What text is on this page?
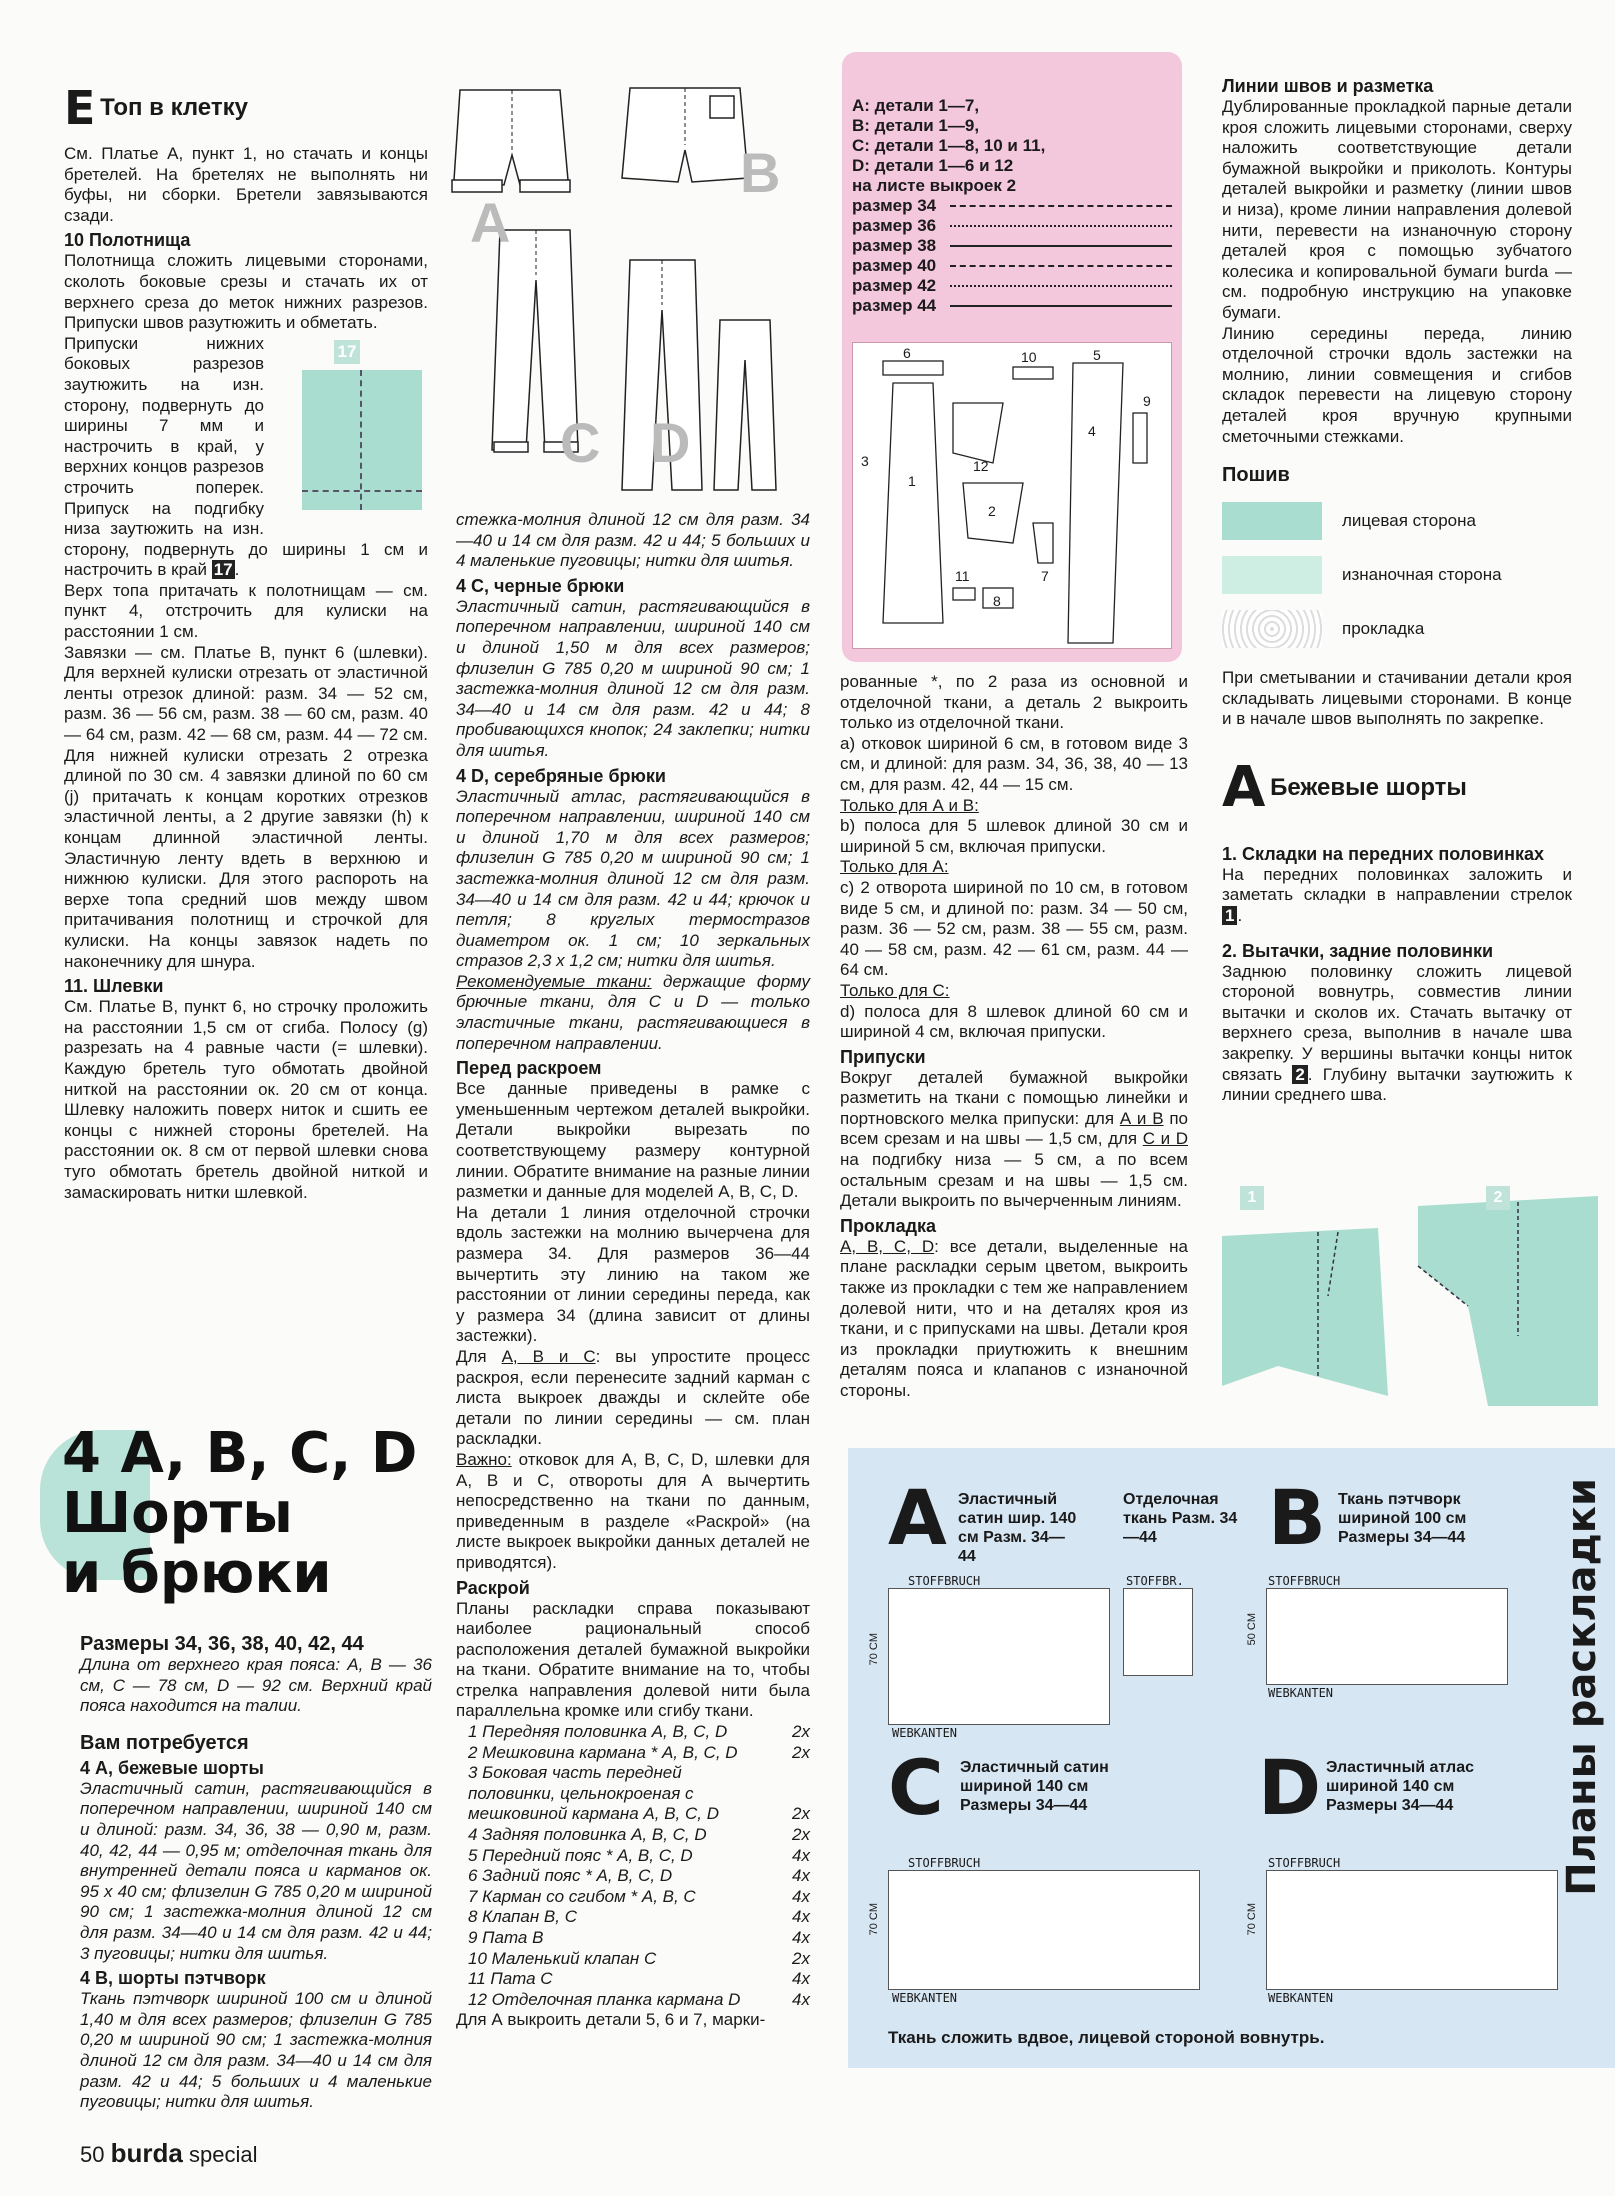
E Топ в клетку

См. Платье А, пункт 1, но стачать и концы бретелей. На бретелях не выполнять ни буфы, ни сборки. Бретели завязываются сзади.

10 Полотнища

Полотнища сложить лицевыми сторонами, сколоть боковые срезы и стачать их от верхнего среза до меток нижних разрезов. Припуски швов разутюжить и обметать.

17

Припуски нижних боковых разрезов заутюжить на изн. сторону, подвернуть до ширины 7 мм и настрочить в край, у верхних концов разрезов строчить поперек. Припуск на подгибку низа заутюжить на изн. сторону, подвернуть до ширины 1 см и настрочить в край 17 .

Верх топа притачать к полотнищам — см. пункт 4, отстрочить для кулиски на расстоянии 1 см.

Завязки — см. Платье В, пункт 6 (шлевки). Для верхней кулиски отрезать от эластичной ленты отрезок длиной: разм. 34 — 52 см, разм. 36 — 56 см, разм. 38 — 60 см, разм. 40 — 64 см, разм. 42 — 68 см, разм. 44 — 72 см. Для нижней кулиски отрезать 2 отрезка длиной по 30 см. 4 завязки длиной по 60 см (j) притачать к концам коротких отрезков эластичной ленты, а 2 другие завязки (h) к концам длинной эластичной ленты. Эластичную ленту вдеть в верхнюю и нижнюю кулиски. Для этого распороть на верхе топа средний шов между швом притачивания полотнищ и строчкой для кулиски. На концы завязок надеть по наконечнику для шнура.

11. Шлевки

См. Платье В, пункт 6, но строчку проложить на расстоянии 1,5 см от сгиба. Полосу (g) разрезать на 4 равные части (= шлевки). Каждую бретель туго обмотать двойной ниткой на расстоянии ок. 20 см от конца. Шлевку наложить поверх ниток и сшить ее концы с нижней стороны бретелей. На расстоянии ок. 8 см от первой шлевки снова туго обмотать бретель двойной ниткой и замаскировать нитки шлевкой.

4 A, B, C, D
Шорты
и брюки
Размеры 34, 36, 38, 40, 42, 44

Длина от верхнего края пояса: А, В — 36 см, С — 78 см, D — 92 см. Верхний край пояса находится на талии.

Вам потребуется
4 А, бежевые шорты

Эластичный сатин, растягивающийся в поперечном направлении, шириной 140 см и длиной: разм. 34, 36, 38 — 0,90 м, разм. 40, 42, 44 — 0,95 м; отделочная ткань для внутренней детали пояса и карманов ок. 95 х 40 см; флизелин G 785 0,20 м шириной 90 см; 1 застежка-молния длиной 12 см для разм. 34—40 и 14 см для разм. 42 и 44; 3 пуговицы; нитки для шитья.

4 В, шорты пэтчворк

Ткань пэтчворк шириной 100 см и длиной 1,40 м для всех размеров; флизелин G 785 0,20 м шириной 90 см; 1 застежка-молния длиной 12 см для разм. 34—40 и 14 см для разм. 42 и 44; 5 больших и 4 маленькие пуговицы; нитки для шитья.

50 burda special
A
B
C D

стежка-молния длиной 12 см для разм. 34—40 и 14 см для разм. 42 и 44; 5 больших и 4 маленькие пуговицы; нитки для шитья.

4 С, черные брюки

Эластичный сатин, растягивающийся в поперечном направлении, шириной 140 см и длиной 1,50 м для всех размеров; флизелин G 785 0,20 м шириной 90 см; 1 застежка-молния длиной 12 см для разм. 34—40 и 14 см для разм. 42 и 44; 8 пробивающихся кнопок; 24 заклепки; нитки для шитья.

4 D, серебряные брюки

Эластичный атлас, растягивающийся в поперечном направлении, шириной 140 см и длиной 1,70 м для всех размеров; флизелин G 785 0,20 м шириной 90 см; 1 застежка-молния длиной 12 см для разм. 34—40 и 14 см для разм. 42 и 44; крючок и петля; 8 круглых термостразов диаметром ок. 1 см; 10 зеркальных стразов 2,3 х 1,2 см; нитки для шитья.

Рекомендуемые ткани: держащие форму брючные ткани, для С и D — только эластичные ткани, растягивающиеся в поперечном направлении.

Перед раскроем

Все данные приведены в рамке с уменьшенным чертежом деталей выкройки. Детали выкройки вырезать по соответствующему размеру контурной линии. Обратите внимание на разные линии разметки и данные для моделей А, В, С, D.

На детали 1 линия отделочной строчки вдоль застежки на молнию вычерчена для размера 34. Для размеров 36—44 вычертить эту линию на таком же расстоянии от линии середины переда, как у размера 34 (длина зависит от длины застежки).

Для А, В и С: вы упростите процесс раскроя, если перенесите задний карман с листа выкроек дважды и склейте обе детали по линии середины — см. план раскладки.

Важно: отковок для А, В, С, D, шлевки для А, В и С, отвороты для А вычертить непосредственно на ткани по данным, приведенным в разделе «Раскрой» (на листе выкроек выкройки данных деталей не приводятся).

Раскрой

Планы раскладки справа показывают наиболее рациональный способ расположения деталей бумажной выкройки на ткани. Обратите внимание на то, чтобы стрелка направления долевой нити была параллельна кромке или сгибу ткани.

1 Передняя половинка А, В, С, D	2х
2 Мешковина кармана * А, В, С, D	2х
3 Боковая часть передней половинки, цельнокроеная с мешковиной кармана А, В, С, D	2х
4 Задняя половинка А, В, С, D	2х
5 Передний пояс * А, В, С, D	4х
6 Задний пояс * А, В, С, D	4х
7 Карман со сгибом * А, В, С	4х
8 Клапан В, С	4х
9 Пата В	4х
10 Маленький клапан С	2х
11 Пата С	4х
12 Отделочная планка кармана D	4х

Для А выкроить детали 5, 6 и 7, марки-

А: детали 1—7,
В: детали 1—9,
С: детали 1—8, 10 и 11,
D: детали 1—6 и 12
на листе выкроек 2
размер 34
размер 36
размер 38
размер 40
размер 42
размер 44
6	10	5
9
4
1
12
3
2
11	7
8

рованные *, по 2 раза из основной и отделочной ткани, а деталь 2 выкроить только из отделочной ткани.

а) отковок шириной 6 см, в готовом виде 3 см, и длиной: для разм. 34, 36, 38, 40 — 13 см, для разм. 42, 44 — 15 см.

Только для А и В:

b) полоса для 5 шлевок длиной 30 см и шириной 5 см, включая припуски.

Только для А:

с) 2 отворота шириной по 10 см, в готовом виде 5 см, и длиной по: разм. 34 — 50 см, разм. 36 — 52 см, разм. 38 — 55 см, разм. 40 — 58 см, разм. 42 — 61 см, разм. 44 — 64 см.

Только для С:

d) полоса для 8 шлевок длиной 60 см и шириной 4 см, включая припуски.

Припуски

Вокруг деталей бумажной выкройки разметить на ткани с помощью линейки и портновского мелка припуски: для А и В по всем срезам и на швы — 1,5 см, для С и D на подгибку низа — 5 см, а по всем остальным срезам и на швы — 1,5 см. Детали выкроить по вычерченным линиям.

Прокладка

А, В, С, D: все детали, выделенные на плане раскладки серым цветом, выкроить также из прокладки с тем же направлением долевой нити, что и на деталях кроя из ткани, и с припусками на швы. Детали кроя из прокладки приутюжить к внешним деталям пояса и клапанов с изнаночной стороны.

Линии швов и разметка

Дублированные прокладкой парные детали кроя сложить лицевыми сторонами, сверху наложить соответствующие детали бумажной выкройки и приколоть. Контуры деталей выкройки и разметку (линии швов и низа), кроме линии направления долевой нити, перевести на изнаночную сторону деталей кроя с помощью зубчатого колесика и копировальной бумаги burda — см. подробную инструкцию на упаковке бумаги.

Линию середины переда, линию отделочной строчки вдоль застежки на молнию, линии совмещения и сгибов складок перевести на лицевую сторону деталей кроя вручную крупными сметочными стежками.

Пошив
лицевая сторона
изнаночная сторона
прокладка

При сметывании и стачивании детали кроя складывать лицевыми сторонами. В конце и в начале швов выполнять по закрепке.

A Бежевые шорты
1. Складки на передних половинках

На передних половинках заложить и заметать складки в направлении стрелок 1 .

2. Вытачки, задние половинки

Заднюю половинку сложить лицевой стороной вовнутрь, совместив линии вытачки и сколов их. Стачать вытачку от верхнего среза, выполнив в начале шва закрепку. У вершины вытачки концы ниток связать 2 . Глубину вытачки заутюжить к линии среднего шва.

1	2
Планы раскладки
A Эластичный сатин шир. 140 см Разм. 34—44
Отделочная ткань Разм. 34—44
STOFFBRUCH
70 CM
WEBKANTEN
STOFFBR.
B Ткань пэтчворк шириной 100 см Размеры 34—44
STOFFBRUCH
50 CM
WEBKANTEN
C Эластичный сатин шириной 140 см Размеры 34—44
STOFFBRUCH
70 CM
WEBKANTEN
D Эластичный атлас шириной 140 см Размеры 34—44
STOFFBRUCH
70 CM
WEBKANTEN
Ткань сложить вдвое, лицевой стороной вовнутрь.
